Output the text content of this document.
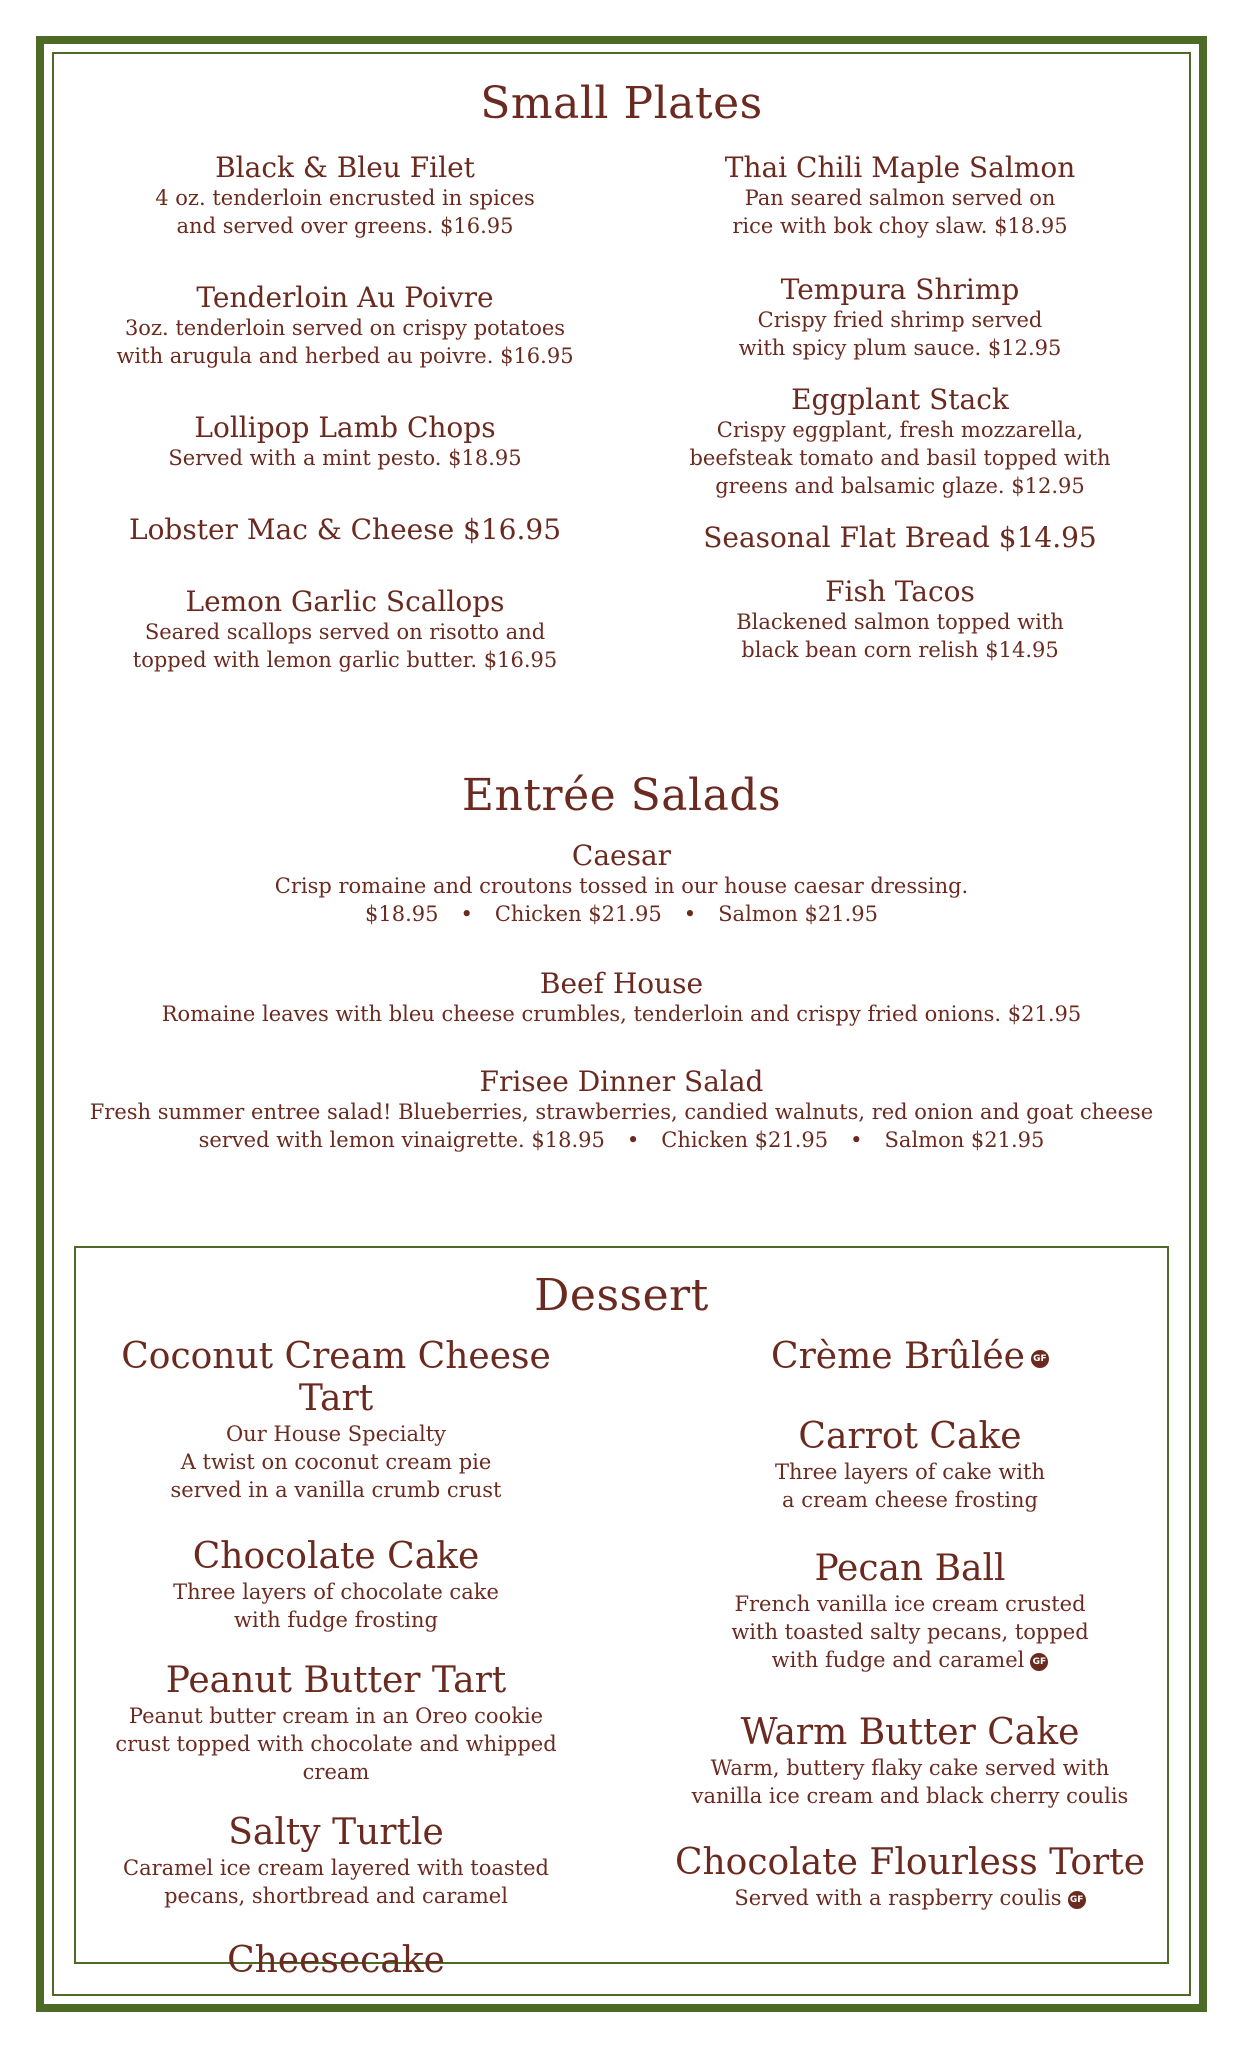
Small Plates
Black & Bleu Filet
4 oz. tenderloin encrusted in spices
and served over greens. $16.95
Tenderloin Au Poivre
3oz. tenderloin served on crispy potatoes
with arugula and herbed au poivre. $16.95
Lollipop Lamb Chops
Served with a mint pesto. $18.95
Lobster Mac & Cheese $16.95
Lemon Garlic Scallops
Seared scallops served on risotto and
topped with lemon garlic butter. $16.95
Thai Chili Maple Salmon
Pan seared salmon served on
rice with bok choy slaw. $18.95
Tempura Shrimp
Crispy fried shrimp served
with spicy plum sauce. $12.95
Eggplant Stack
Crispy eggplant, fresh mozzarella,
beefsteak tomato and basil topped with
greens and balsamic glaze. $12.95
Seasonal Flat Bread $14.95
Fish Tacos
Blackened salmon topped with
black bean corn relish $14.95
Entrée Salads
Caesar
Crisp romaine and croutons tossed in our house caesar dressing.
$18.95 • Chicken $21.95 • Salmon $21.95
Beef House
Romaine leaves with bleu cheese crumbles, tenderloin and crispy fried onions. $21.95
Frisee Dinner Salad
Fresh summer entree salad! Blueberries, strawberries, candied walnuts, red onion and goat cheese
served with lemon vinaigrette. $18.95 • Chicken $21.95 • Salmon $21.95
Dessert
Coconut Cream Cheese Tart
Our House Specialty
A twist on coconut cream pie
served in a vanilla crumb crust
Chocolate Cake
Three layers of chocolate cake
with fudge frosting
Peanut Butter Tart
Peanut butter cream in an Oreo cookie
crust topped with chocolate and whipped cream
Salty Turtle
Caramel ice cream layered with toasted
pecans, shortbread and caramel
Cheesecake
Crème Brûlée GF
Carrot Cake
Three layers of cake with
a cream cheese frosting
Pecan Ball
French vanilla ice cream crusted
with toasted salty pecans, topped
with fudge and caramel GF
Warm Butter Cake
Warm, buttery flaky cake served with
vanilla ice cream and black cherry coulis
Chocolate Flourless Torte
Served with a raspberry coulis GF
